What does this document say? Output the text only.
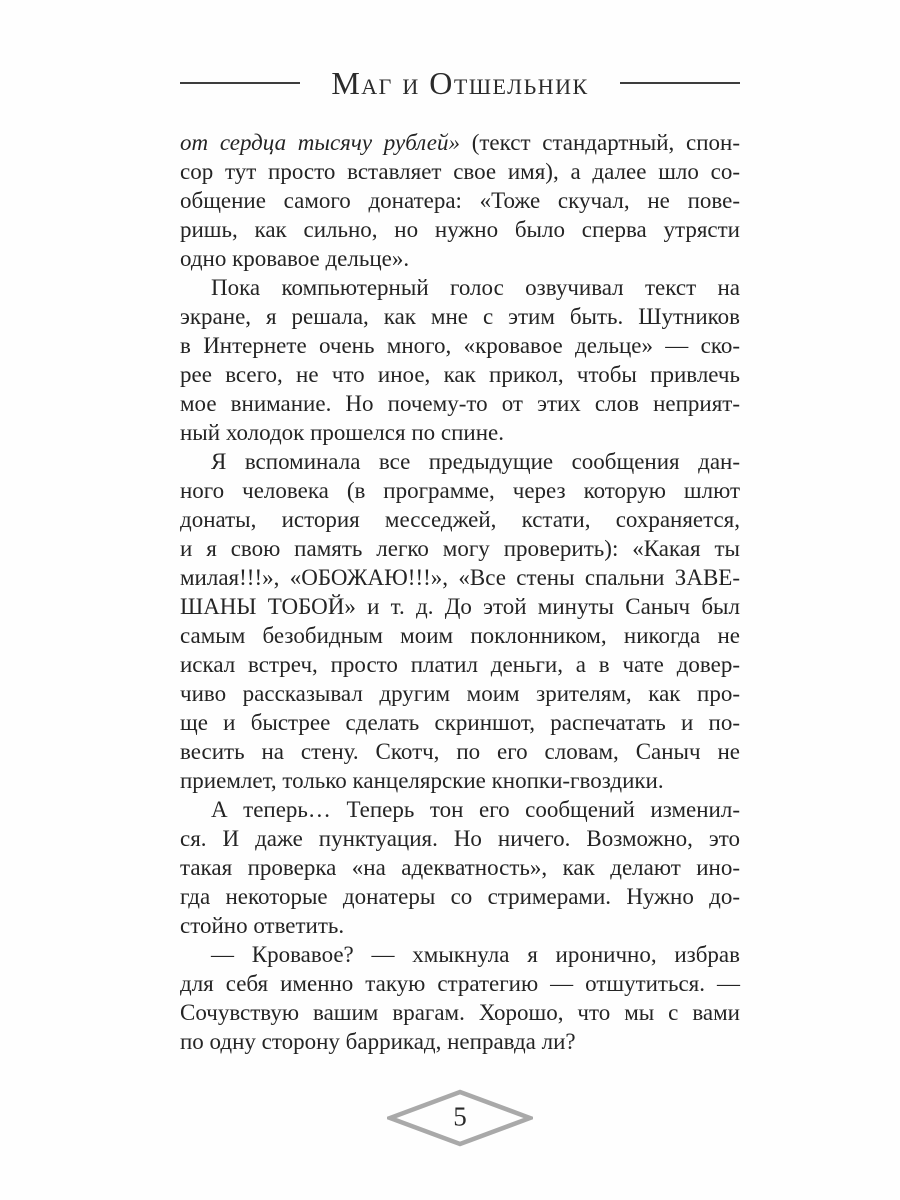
Маг и Отшельник
от сердца тысячу рублей» (текст стандартный, спон-
сор тут просто вставляет свое имя), а далее шло со-
общение самого донатера: «Тоже скучал, не пове-
ришь, как сильно, но нужно было сперва утрясти
одно кровавое дельце».
Пока компьютерный голос озвучивал текст на
экране, я решала, как мне с этим быть. Шутников
в Интернете очень много, «кровавое дельце» — ско-
рее всего, не что иное, как прикол, чтобы привлечь
мое внимание. Но почему-то от этих слов неприят-
ный холодок прошелся по спине.
Я вспоминала все предыдущие сообщения дан-
ного человека (в программе, через которую шлют
донаты, история месседжей, кстати, сохраняется,
и я свою память легко могу проверить): «Какая ты
милая!!!», «ОБОЖАЮ!!!», «Все стены спальни ЗАВЕ-
ШАНЫ ТОБОЙ» и т. д. До этой минуты Саныч был
самым безобидным моим поклонником, никогда не
искал встреч, просто платил деньги, а в чате довер-
чиво рассказывал другим моим зрителям, как про-
ще и быстрее сделать скриншот, распечатать и по-
весить на стену. Скотч, по его словам, Саныч не
приемлет, только канцелярские кнопки-гвоздики.
А теперь… Теперь тон его сообщений изменил-
ся. И даже пунктуация. Но ничего. Возможно, это
такая проверка «на адекватность», как делают ино-
гда некоторые донатеры со стримерами. Нужно до-
стойно ответить.
— Кровавое? — хмыкнула я иронично, избрав
для себя именно такую стратегию — отшутиться. —
Сочувствую вашим врагам. Хорошо, что мы с вами
по одну сторону баррикад, неправда ли?
5
